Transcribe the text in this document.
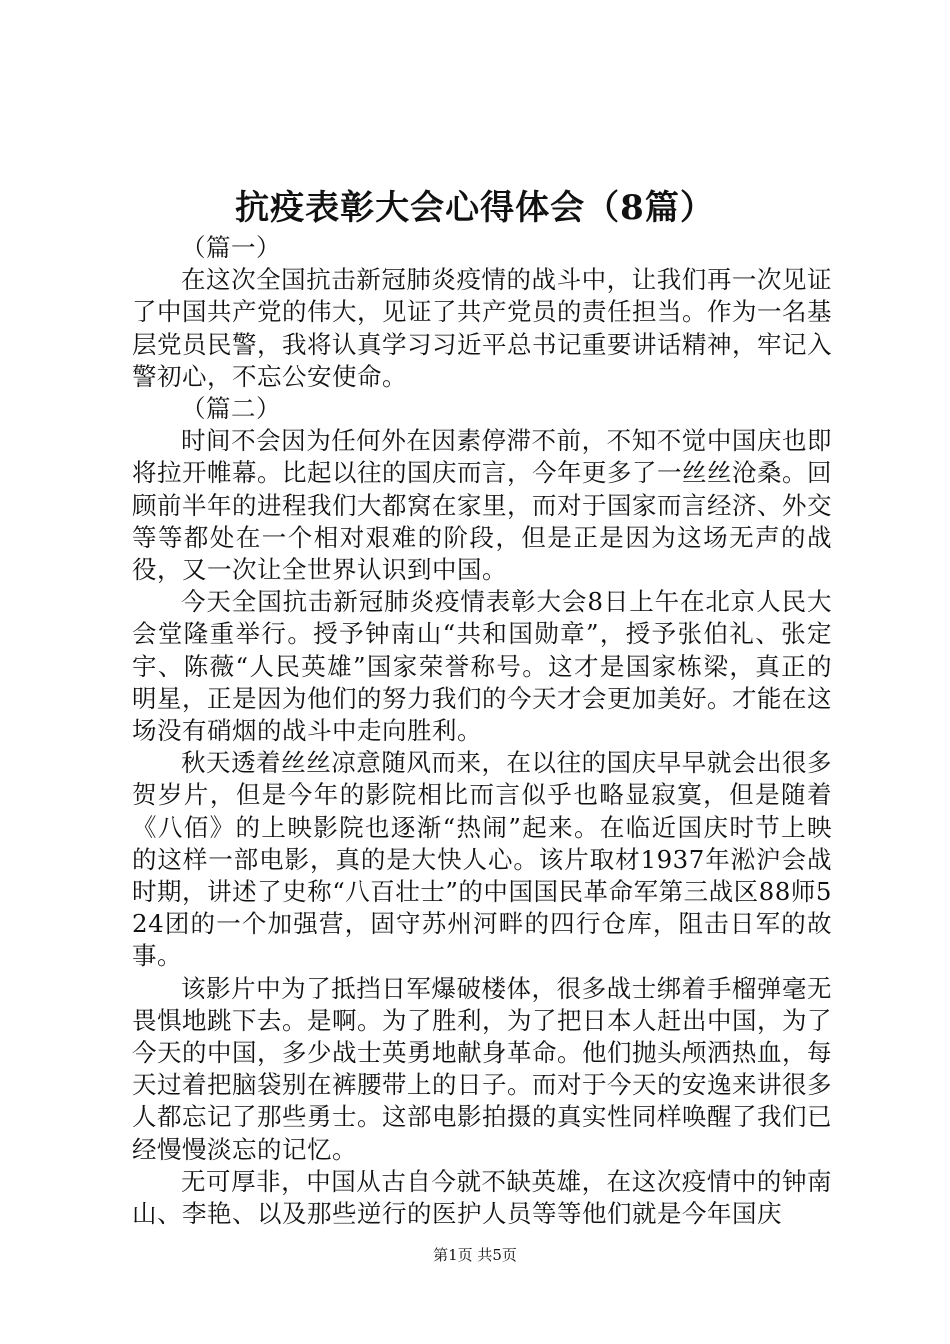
抗疫表彰大会心得体会（8篇）
（篇一）

在这次全国抗击新冠肺炎疫情的战斗中，让我们再一次见证了中国共产党的伟大，见证了共产党员的责任担当。作为一名基层党员民警，我将认真学习习近平总书记重要讲话精神，牢记入警初心，不忘公安使命。

（篇二）

时间不会因为任何外在因素停滞不前，不知不觉中国庆也即将拉开帷幕。比起以往的国庆而言，今年更多了一丝丝沧桑。回顾前半年的进程我们大都窝在家里，而对于国家而言经济、外交等等都处在一个相对艰难的阶段，但是正是因为这场无声的战役，又一次让全世界认识到中国。

今天全国抗击新冠肺炎疫情表彰大会8日上午在北京人民大会堂隆重举行。授予钟南山“共和国勋章”，授予张伯礼、张定宇、陈薇“人民英雄”国家荣誉称号。这才是国家栋梁，真正的明星，正是因为他们的努力我们的今天才会更加美好。才能在这场没有硝烟的战斗中走向胜利。

秋天透着丝丝凉意随风而来，在以往的国庆早早就会出很多贺岁片，但是今年的影院相比而言似乎也略显寂寞，但是随着《八佰》的上映影院也逐渐“热闹”起来。在临近国庆时节上映的这样一部电影，真的是大快人心。该片取材1937年淞沪会战时期，讲述了史称“八百壮士”的中国国民革命军第三战区88师524团的一个加强营，固守苏州河畔的四行仓库，阻击日军的故事。

该影片中为了抵挡日军爆破楼体，很多战士绑着手榴弹毫无畏惧地跳下去。是啊。为了胜利，为了把日本人赶出中国，为了今天的中国，多少战士英勇地献身革命。他们抛头颅洒热血，每天过着把脑袋别在裤腰带上的日子。而对于今天的安逸来讲很多人都忘记了那些勇士。这部电影拍摄的真实性同样唤醒了我们已经慢慢淡忘的记忆。

无可厚非，中国从古自今就不缺英雄，在这次疫情中的钟南山、李艳、以及那些逆行的医护人员等等他们就是今年国庆

第1页 共5页
